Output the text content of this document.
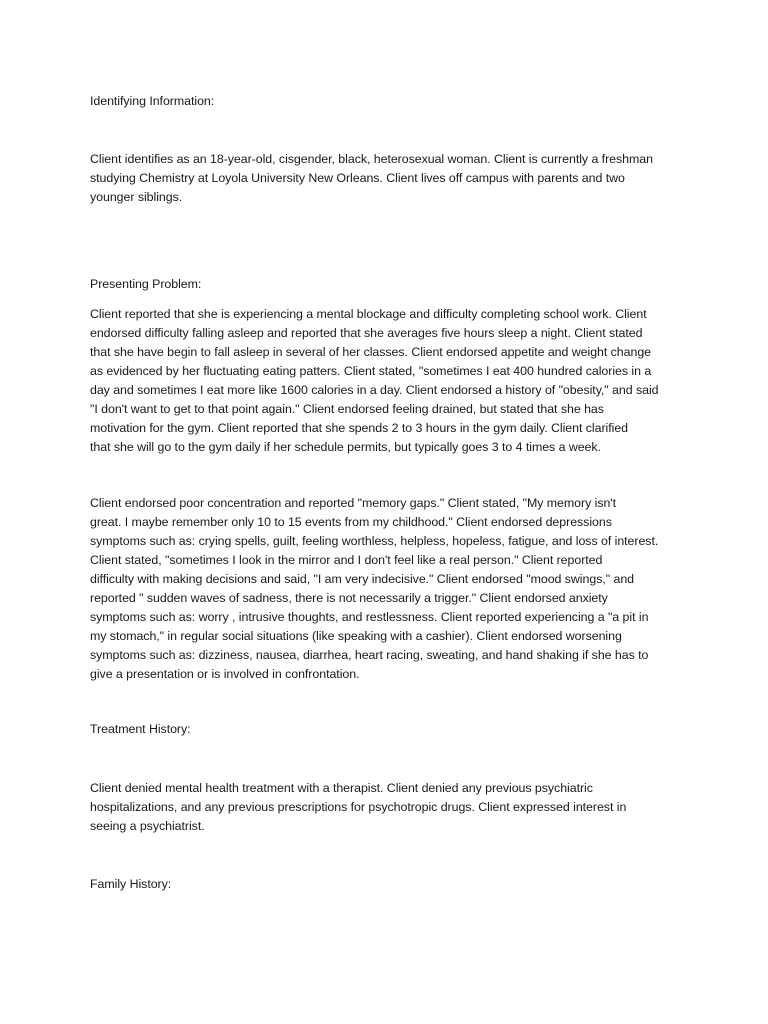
Identifying Information:

Client identifies as an 18-year-old, cisgender, black, heterosexual woman. Client is currently a freshman
studying Chemistry at Loyola University New Orleans. Client lives off campus with parents and two
younger siblings.

Presenting Problem:

Client reported that she is experiencing a mental blockage and difficulty completing school work. Client
endorsed difficulty falling asleep and reported that she averages five hours sleep a night. Client stated
that she have begin to fall asleep in several of her classes. Client endorsed appetite and weight change
as evidenced by her fluctuating eating patters. Client stated, "sometimes I eat 400 hundred calories in a
day and sometimes I eat more like 1600 calories in a day. Client endorsed a history of "obesity," and said
"I don't want to get to that point again." Client endorsed feeling drained, but stated that she has
motivation for the gym. Client reported that she spends 2 to 3 hours in the gym daily. Client clarified
that she will go to the gym daily if her schedule permits, but typically goes 3 to 4 times a week.

Client endorsed poor concentration and reported "memory gaps." Client stated, "My memory isn't
great. I maybe remember only 10 to 15 events from my childhood." Client endorsed depressions
symptoms such as: crying spells, guilt, feeling worthless, helpless, hopeless, fatigue, and loss of interest.
Client stated, "sometimes I look in the mirror and I don't feel like a real person." Client reported
difficulty with making decisions and said, "I am very indecisive." Client endorsed "mood swings," and
reported " sudden waves of sadness, there is not necessarily a trigger." Client endorsed anxiety
symptoms such as: worry , intrusive thoughts, and restlessness. Client reported experiencing a "a pit in
my stomach," in regular social situations (like speaking with a cashier). Client endorsed worsening
symptoms such as: dizziness, nausea, diarrhea, heart racing, sweating, and hand shaking if she has to
give a presentation or is involved in confrontation.

Treatment History:

Client denied mental health treatment with a therapist. Client denied any previous psychiatric
hospitalizations, and any previous prescriptions for psychotropic drugs. Client expressed interest in
seeing a psychiatrist.

Family History:
